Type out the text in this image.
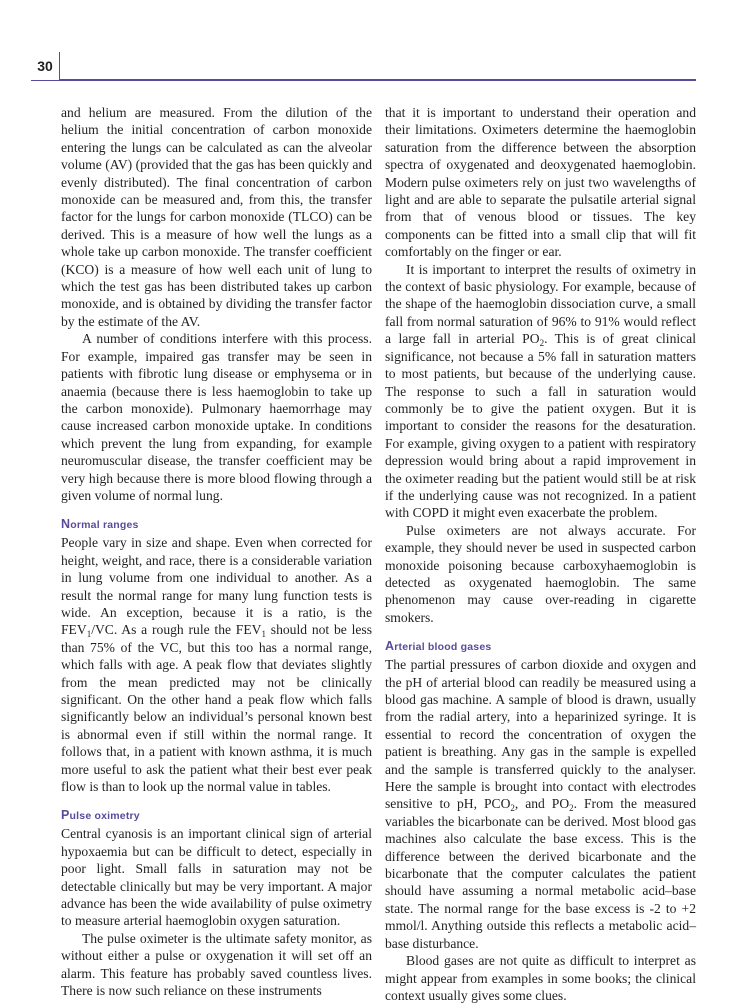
30

and helium are measured. From the dilution of the helium the initial concentration of carbon monoxide entering the lungs can be calculated as can the alveolar volume (AV) (provided that the gas has been quickly and evenly distributed). The final concentration of carbon monoxide can be measured and, from this, the transfer factor for the lungs for carbon monoxide (TLCO) can be derived. This is a measure of how well the lungs as a whole take up carbon monoxide. The transfer coefficient (KCO) is a measure of how well each unit of lung to which the test gas has been distributed takes up carbon monoxide, and is obtained by dividing the transfer factor by the estimate of the AV.

A number of conditions interfere with this process. For example, impaired gas transfer may be seen in patients with fibrotic lung disease or emphysema or in anaemia (because there is less haemoglobin to take up the carbon monoxide). Pulmonary haemorrhage may cause increased carbon monoxide uptake. In conditions which prevent the lung from expanding, for example neuromuscular disease, the transfer coefficient may be very high because there is more blood flowing through a given volume of normal lung.

Normal ranges

People vary in size and shape. Even when corrected for height, weight, and race, there is a considerable variation in lung volume from one individual to another. As a result the normal range for many lung function tests is wide. An exception, because it is a ratio, is the $FEV_1/VC$. As a rough rule the $FEV_1$ should not be less than 75% of the VC, but this too has a normal range, which falls with age. A peak flow that deviates slightly from the mean predicted may not be clinically significant. On the other hand a peak flow which falls significantly below an individual’s personal known best is abnormal even if still within the normal range. It follows that, in a patient with known asthma, it is much more useful to ask the patient what their best ever peak flow is than to look up the normal value in tables.

Pulse oximetry

Central cyanosis is an important clinical sign of arterial hypoxaemia but can be difficult to detect, especially in poor light. Small falls in saturation may not be detectable clinically but may be very important. A major advance has been the wide availability of pulse oximetry to measure arterial haemoglobin oxygen saturation.

The pulse oximeter is the ultimate safety monitor, as without either a pulse or oxygenation it will set off an alarm. This feature has probably saved countless lives. There is now such reliance on these instruments

that it is important to understand their operation and their limitations. Oximeters determine the haemoglobin saturation from the difference between the absorption spectra of oxygenated and deoxygenated haemoglobin. Modern pulse oximeters rely on just two wavelengths of light and are able to separate the pulsatile arterial signal from that of venous blood or tissues. The key components can be fitted into a small clip that will fit comfortably on the finger or ear.

It is important to interpret the results of oximetry in the context of basic physiology. For example, because of the shape of the haemoglobin dissociation curve, a small fall from normal saturation of 96% to 91% would reflect a large fall in arterial $PO_2$. This is of great clinical significance, not because a 5% fall in saturation matters to most patients, but because of the underlying cause. The response to such a fall in saturation would commonly be to give the patient oxygen. But it is important to consider the reasons for the desaturation. For example, giving oxygen to a patient with respiratory depression would bring about a rapid improvement in the oximeter reading but the patient would still be at risk if the underlying cause was not recognized. In a patient with COPD it might even exacerbate the problem.

Pulse oximeters are not always accurate. For example, they should never be used in suspected carbon monoxide poisoning because carboxyhaemoglobin is detected as oxygenated haemoglobin. The same phenomenon may cause over-reading in cigarette smokers.

Arterial blood gases

The partial pressures of carbon dioxide and oxygen and the pH of arterial blood can readily be measured using a blood gas machine. A sample of blood is drawn, usually from the radial artery, into a heparinized syringe. It is essential to record the concentration of oxygen the patient is breathing. Any gas in the sample is expelled and the sample is transferred quickly to the analyser. Here the sample is brought into contact with electrodes sensitive to pH, $PCO_2$, and $PO_2$. From the measured variables the bicarbonate can be derived. Most blood gas machines also calculate the base excess. This is the difference between the derived bicarbonate and the bicarbonate that the computer calculates the patient should have assuming a normal metabolic acid–base state. The normal range for the base excess is -2 to +2 mmol/l. Anything outside this reflects a metabolic acid–base disturbance.

Blood gases are not quite as difficult to interpret as might appear from examples in some books; the clinical context usually gives some clues.
